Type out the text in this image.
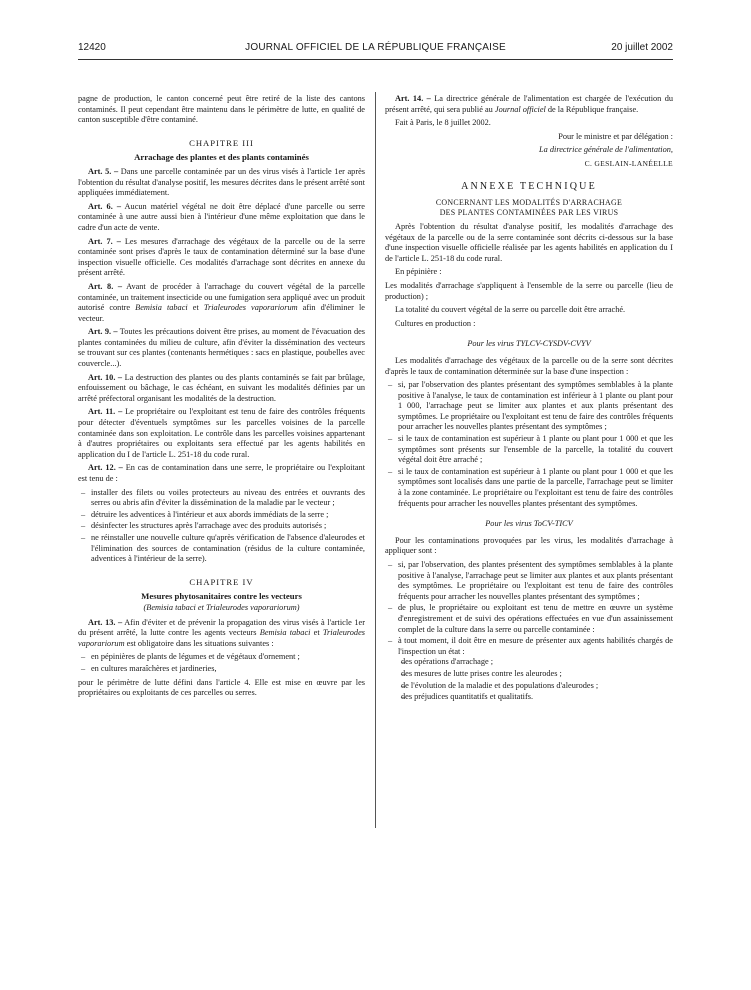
12420	JOURNAL OFFICIEL DE LA RÉPUBLIQUE FRANÇAISE	20 juillet 2002

pagne de production, le canton concerné peut être retiré de la liste des cantons contaminés. Il peut cependant être maintenu dans le périmètre de lutte, en qualité de canton susceptible d'être contaminé.

CHAPITRE III
Arrachage des plantes et des plants contaminés

Art. 5. – Dans une parcelle contaminée par un des virus visés à l'article 1er après l'obtention du résultat d'analyse positif, les mesures décrites dans le présent arrêté sont appliquées immédiatement.

Art. 6. – Aucun matériel végétal ne doit être déplacé d'une parcelle ou serre contaminée à une autre aussi bien à l'intérieur d'une même exploitation que dans le cadre d'un acte de vente.

Art. 7. – Les mesures d'arrachage des végétaux de la parcelle ou de la serre contaminée sont prises d'après le taux de contamination déterminé sur la base d'une inspection visuelle officielle. Ces modalités d'arrachage sont décrites en annexe du présent arrêté.

Art. 8. – Avant de procéder à l'arrachage du couvert végétal de la parcelle contaminée, un traitement insecticide ou une fumigation sera appliqué avec un produit autorisé contre Bemisia tabaci et Trialeurodes vaporariorum afin d'éliminer le vecteur.

Art. 9. – Toutes les précautions doivent être prises, au moment de l'évacuation des plantes contaminées du milieu de culture, afin d'éviter la dissémination des vecteurs se trouvant sur ces plantes (contenants hermétiques : sacs en plastique, poubelles avec couvercle...).

Art. 10. – La destruction des plantes ou des plants contaminés se fait par brûlage, enfouissement ou bâchage, le cas échéant, en suivant les modalités définies par un arrêté préfectoral organisant les modalités de la destruction.

Art. 11. – Le propriétaire ou l'exploitant est tenu de faire des contrôles fréquents pour détecter d'éventuels symptômes sur les parcelles voisines de la parcelle contaminée dans son exploitation. Le contrôle dans les parcelles voisines appartenant à d'autres propriétaires ou exploitants sera effectué par les agents habilités en application du I de l'article L. 251-18 du code rural.

Art. 12. – En cas de contamination dans une serre, le propriétaire ou l'exploitant est tenu de :

– installer des filets ou voiles protecteurs au niveau des entrées et ouvrants des serres ou abris afin d'éviter la dissémination de la maladie par le vecteur ;
– détruire les adventices à l'intérieur et aux abords immédiats de la serre ;
– désinfecter les structures après l'arrachage avec des produits autorisés ;
– ne réinstaller une nouvelle culture qu'après vérification de l'absence d'aleurodes et l'élimination des sources de contamination (résidus de la culture contaminée, adventices à l'intérieur de la serre).
CHAPITRE IV
Mesures phytosanitaires contre les vecteurs
(Bemisia tabaci et Trialeurodes vaporariorum)

Art. 13. – Afin d'éviter et de prévenir la propagation des virus visés à l'article 1er du présent arrêté, la lutte contre les agents vecteurs Bemisia tabaci et Trialeurodes vaporariorum est obligatoire dans les situations suivantes :

– en pépinières de plants de légumes et de végétaux d'ornement ;
– en cultures maraîchères et jardineries,

pour le périmètre de lutte défini dans l'article 4. Elle est mise en œuvre par les propriétaires ou exploitants de ces parcelles ou serres.

Art. 14. – La directrice générale de l'alimentation est chargée de l'exécution du présent arrêté, qui sera publié au Journal officiel de la République française.

Fait à Paris, le 8 juillet 2002.

Pour le ministre et par délégation :

La directrice générale de l'alimentation,

C. GESLAIN-LANÉELLE

ANNEXE TECHNIQUE
CONCERNANT LES MODALITÉS D'ARRACHAGE
DES PLANTES CONTAMINÉES PAR LES VIRUS

Après l'obtention du résultat d'analyse positif, les modalités d'arrachage des végétaux de la parcelle ou de la serre contaminée sont décrits ci-dessous sur la base d'une inspection visuelle officielle réalisée par les agents habilités en application du I de l'article L. 251-18 du code rural.

En pépinière :

Les modalités d'arrachage s'appliquent à l'ensemble de la serre ou parcelle (lieu de production) ;

La totalité du couvert végétal de la serre ou parcelle doit être arraché.

Cultures en production :

Pour les virus TYLCV-CYSDV-CVYV

Les modalités d'arrachage des végétaux de la parcelle ou de la serre sont décrites d'après le taux de contamination déterminée sur la base d'une inspection :

– si, par l'observation des plantes présentant des symptômes semblables à la plante positive à l'analyse, le taux de contamination est inférieur à 1 plante ou plant pour 1 000, l'arrachage peut se limiter aux plantes et aux plants présentant des symptômes. Le propriétaire ou l'exploitant est tenu de faire des contrôles fréquents pour arracher les nouvelles plantes présentant des symptômes ;
– si le taux de contamination est supérieur à 1 plante ou plant pour 1 000 et que les symptômes sont présents sur l'ensemble de la parcelle, la totalité du couvert végétal doit être arraché ;
– si le taux de contamination est supérieur à 1 plante ou plant pour 1 000 et que les symptômes sont localisés dans une partie de la parcelle, l'arrachage peut se limiter à la zone contaminée. Le propriétaire ou l'exploitant est tenu de faire des contrôles fréquents pour arracher les nouvelles plantes présentant des symptômes.
Pour les virus ToCV-TICV

Pour les contaminations provoquées par les virus, les modalités d'arrachage à appliquer sont :

– si, par l'observation, des plantes présentent des symptômes semblables à la plante positive à l'analyse, l'arrachage peut se limiter aux plantes et aux plants présentant des symptômes. Le propriétaire ou l'exploitant est tenu de faire des contrôles fréquents pour arracher les nouvelles plantes présentant des symptômes ;
– de plus, le propriétaire ou exploitant est tenu de mettre en œuvre un système d'enregistrement et de suivi des opérations effectuées en vue d'un assainissement complet de la culture dans la serre ou parcelle contaminée :
– à tout moment, il doit être en mesure de présenter aux agents habilités chargés de l'inspection un état :
– des opérations d'arrachage ;
– des mesures de lutte prises contre les aleurodes ;
– de l'évolution de la maladie et des populations d'aleurodes ;
– des préjudices quantitatifs et qualitatifs.
